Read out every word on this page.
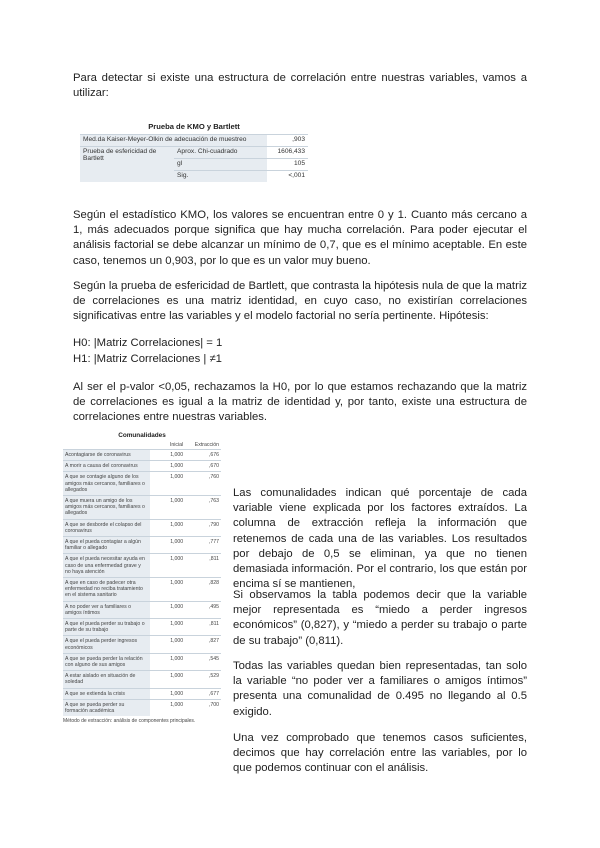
Para detectar si existe una estructura de correlación entre nuestras variables, vamos a utilizar:

Prueba de KMO y Bartlett
Med.da Kaiser-Meyer-Olkin de adecuación de muestreo		,903
Prueba de esfericidad de Bartlett	Aprox. Chi-cuadrado	1606,433
	gl	105
	Sig.	<,001

Según el estadístico KMO, los valores se encuentran entre 0 y 1. Cuanto más cercano a 1, más adecuados porque significa que hay mucha correlación. Para poder ejecutar el análisis factorial se debe alcanzar un mínimo de 0,7, que es el mínimo aceptable. En este caso, tenemos un 0,903, por lo que es un valor muy bueno.

Según la prueba de esfericidad de Bartlett, que contrasta la hipótesis nula de que la matriz de correlaciones es una matriz identidad, en cuyo caso, no existirían correlaciones significativas entre las variables y el modelo factorial no sería pertinente. Hipótesis:

H0: |Matriz Correlaciones| = 1

H1: |Matriz Correlaciones | ≠1

Al ser el p-valor <0,05, rechazamos la H0, por lo que estamos rechazando que la matriz de correlaciones es igual a la matriz de identidad y, por tanto, existe una estructura de correlaciones entre nuestras variables.

Comunalidades
	Inicial	Extracción
Acontagiarse de coronavirus	1,000	,676
A morir a causa del coronavirus	1,000	,670
A que se contagie alguno de los amigos más cercanos, familiares o allegados	1,000	,760
A que muera un amigo de los amigos más cercanos, familiares o allegados	1,000	,763
A que se desborde el colapso del coronavirus	1,000	,790
A que el pueda contagiar a algún familiar o allegado	1,000	,777
A que el pueda necesitar ayuda en caso de una enfermedad grave y no haya atención	1,000	,811
A que en caso de padecer otra enfermedad no reciba tratamiento en el sistema sanitario	1,000	,828
A no poder ver a familiares o amigos íntimos	1,000	,495
A que el pueda perder su trabajo o parte de su trabajo	1,000	,811
A que el pueda perder ingresos económicos	1,000	,827
A que se pueda perder la relación con alguno de sus amigos	1,000	,545
A estar aislado en situación de soledad	1,000	,529
A que se extienda la crisis	1,000	,677
A que se pueda perder su formación académica	1,000	,700
Método de extracción: análisis de componentes principales.

Las comunalidades indican qué porcentaje de cada variable viene explicada por los factores extraídos. La columna de extracción refleja la información que retenemos de cada una de las variables. Los resultados por debajo de 0,5 se eliminan, ya que no tienen demasiada información. Por el contrario, los que están por encima sí se mantienen,

Si observamos la tabla podemos decir que la variable mejor representada es “miedo a perder ingresos económicos” (0,827), y “miedo a perder su trabajo o parte de su trabajo” (0,811).

Todas las variables quedan bien representadas, tan solo la variable “no poder ver a familiares o amigos íntimos” presenta una comunalidad de 0.495 no llegando al 0.5 exigido.

Una vez comprobado que tenemos casos suficientes, decimos que hay correlación entre las variables, por lo que podemos continuar con el análisis.
